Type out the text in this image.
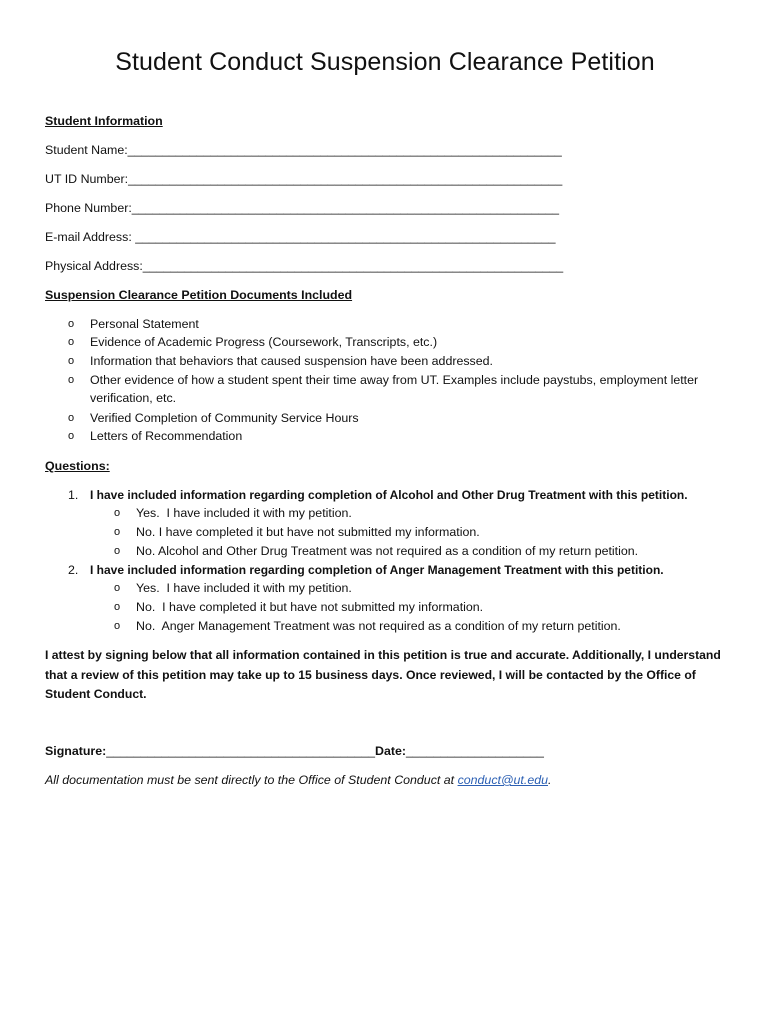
Student Conduct Suspension Clearance Petition
Student Information
Student Name:_______________________________________________________________
UT ID Number:_______________________________________________________________
Phone Number:______________________________________________________________
E-mail Address: _____________________________________________________________
Physical Address:_____________________________________________________________
Suspension Clearance Petition Documents Included
o Personal Statement
o Evidence of Academic Progress (Coursework, Transcripts, etc.)
o Information that behaviors that caused suspension have been addressed.
o Other evidence of how a student spent their time away from UT. Examples include paystubs, employment letter
verification, etc.
o Verified Completion of Community Service Hours
o Letters of Recommendation
Questions:
1. I have included information regarding completion of Alcohol and Other Drug Treatment with this petition.
o Yes.  I have included it with my petition.
o No. I have completed it but have not submitted my information.
o No. Alcohol and Other Drug Treatment was not required as a condition of my return petition.
2. I have included information regarding completion of Anger Management Treatment with this petition.
o Yes.  I have included it with my petition.
o No.  I have completed it but have not submitted my information.
o No.  Anger Management Treatment was not required as a condition of my return petition.
I attest by signing below that all information contained in this petition is true and accurate. Additionally, I understand that a review of this petition may take up to 15 business days. Once reviewed, I will be contacted by the Office of Student Conduct.
Signature:_______________________________________Date:____________________
All documentation must be sent directly to the Office of Student Conduct at conduct@ut.edu.
